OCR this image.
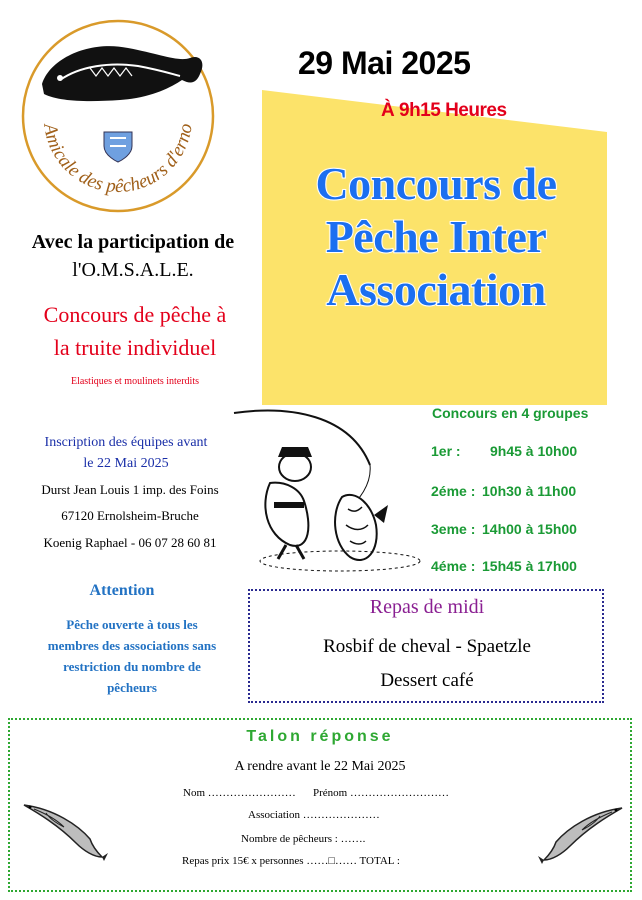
Amicale des pêcheurs d'erno
29 Mai 2025
À 9h15 Heures
Concours de
Pêche Inter
Association
Avec la participation de
l'O.M.S.A.L.E.
Concours de pêche à
la truite individuel
Elastiques et moulinets interdits
Inscription des équipes avant
le 22 Mai 2025
Durst Jean Louis 1 imp. des Foins
67120 Ernolsheim-Bruche
Koenig Raphael - 06 07 28 60 81
Attention
Pêche ouverte à tous les
membres des associations sans
restriction du nombre de
pêcheurs
Concours en 4 groupes
1er : 9h45 à 10h00
2éme : 10h30 à 11h00
3eme : 14h00 à 15h00
4éme : 15h45 à 17h00
Repas de midi
Rosbif de cheval - Spaetzle
Dessert café
Talon réponse
A rendre avant le 22 Mai 2025
Nom …………………… Prénom ………………………
Association …………………
Nombre de pêcheurs : …….
Repas prix 15€ x personnes ……□…… TOTAL :
